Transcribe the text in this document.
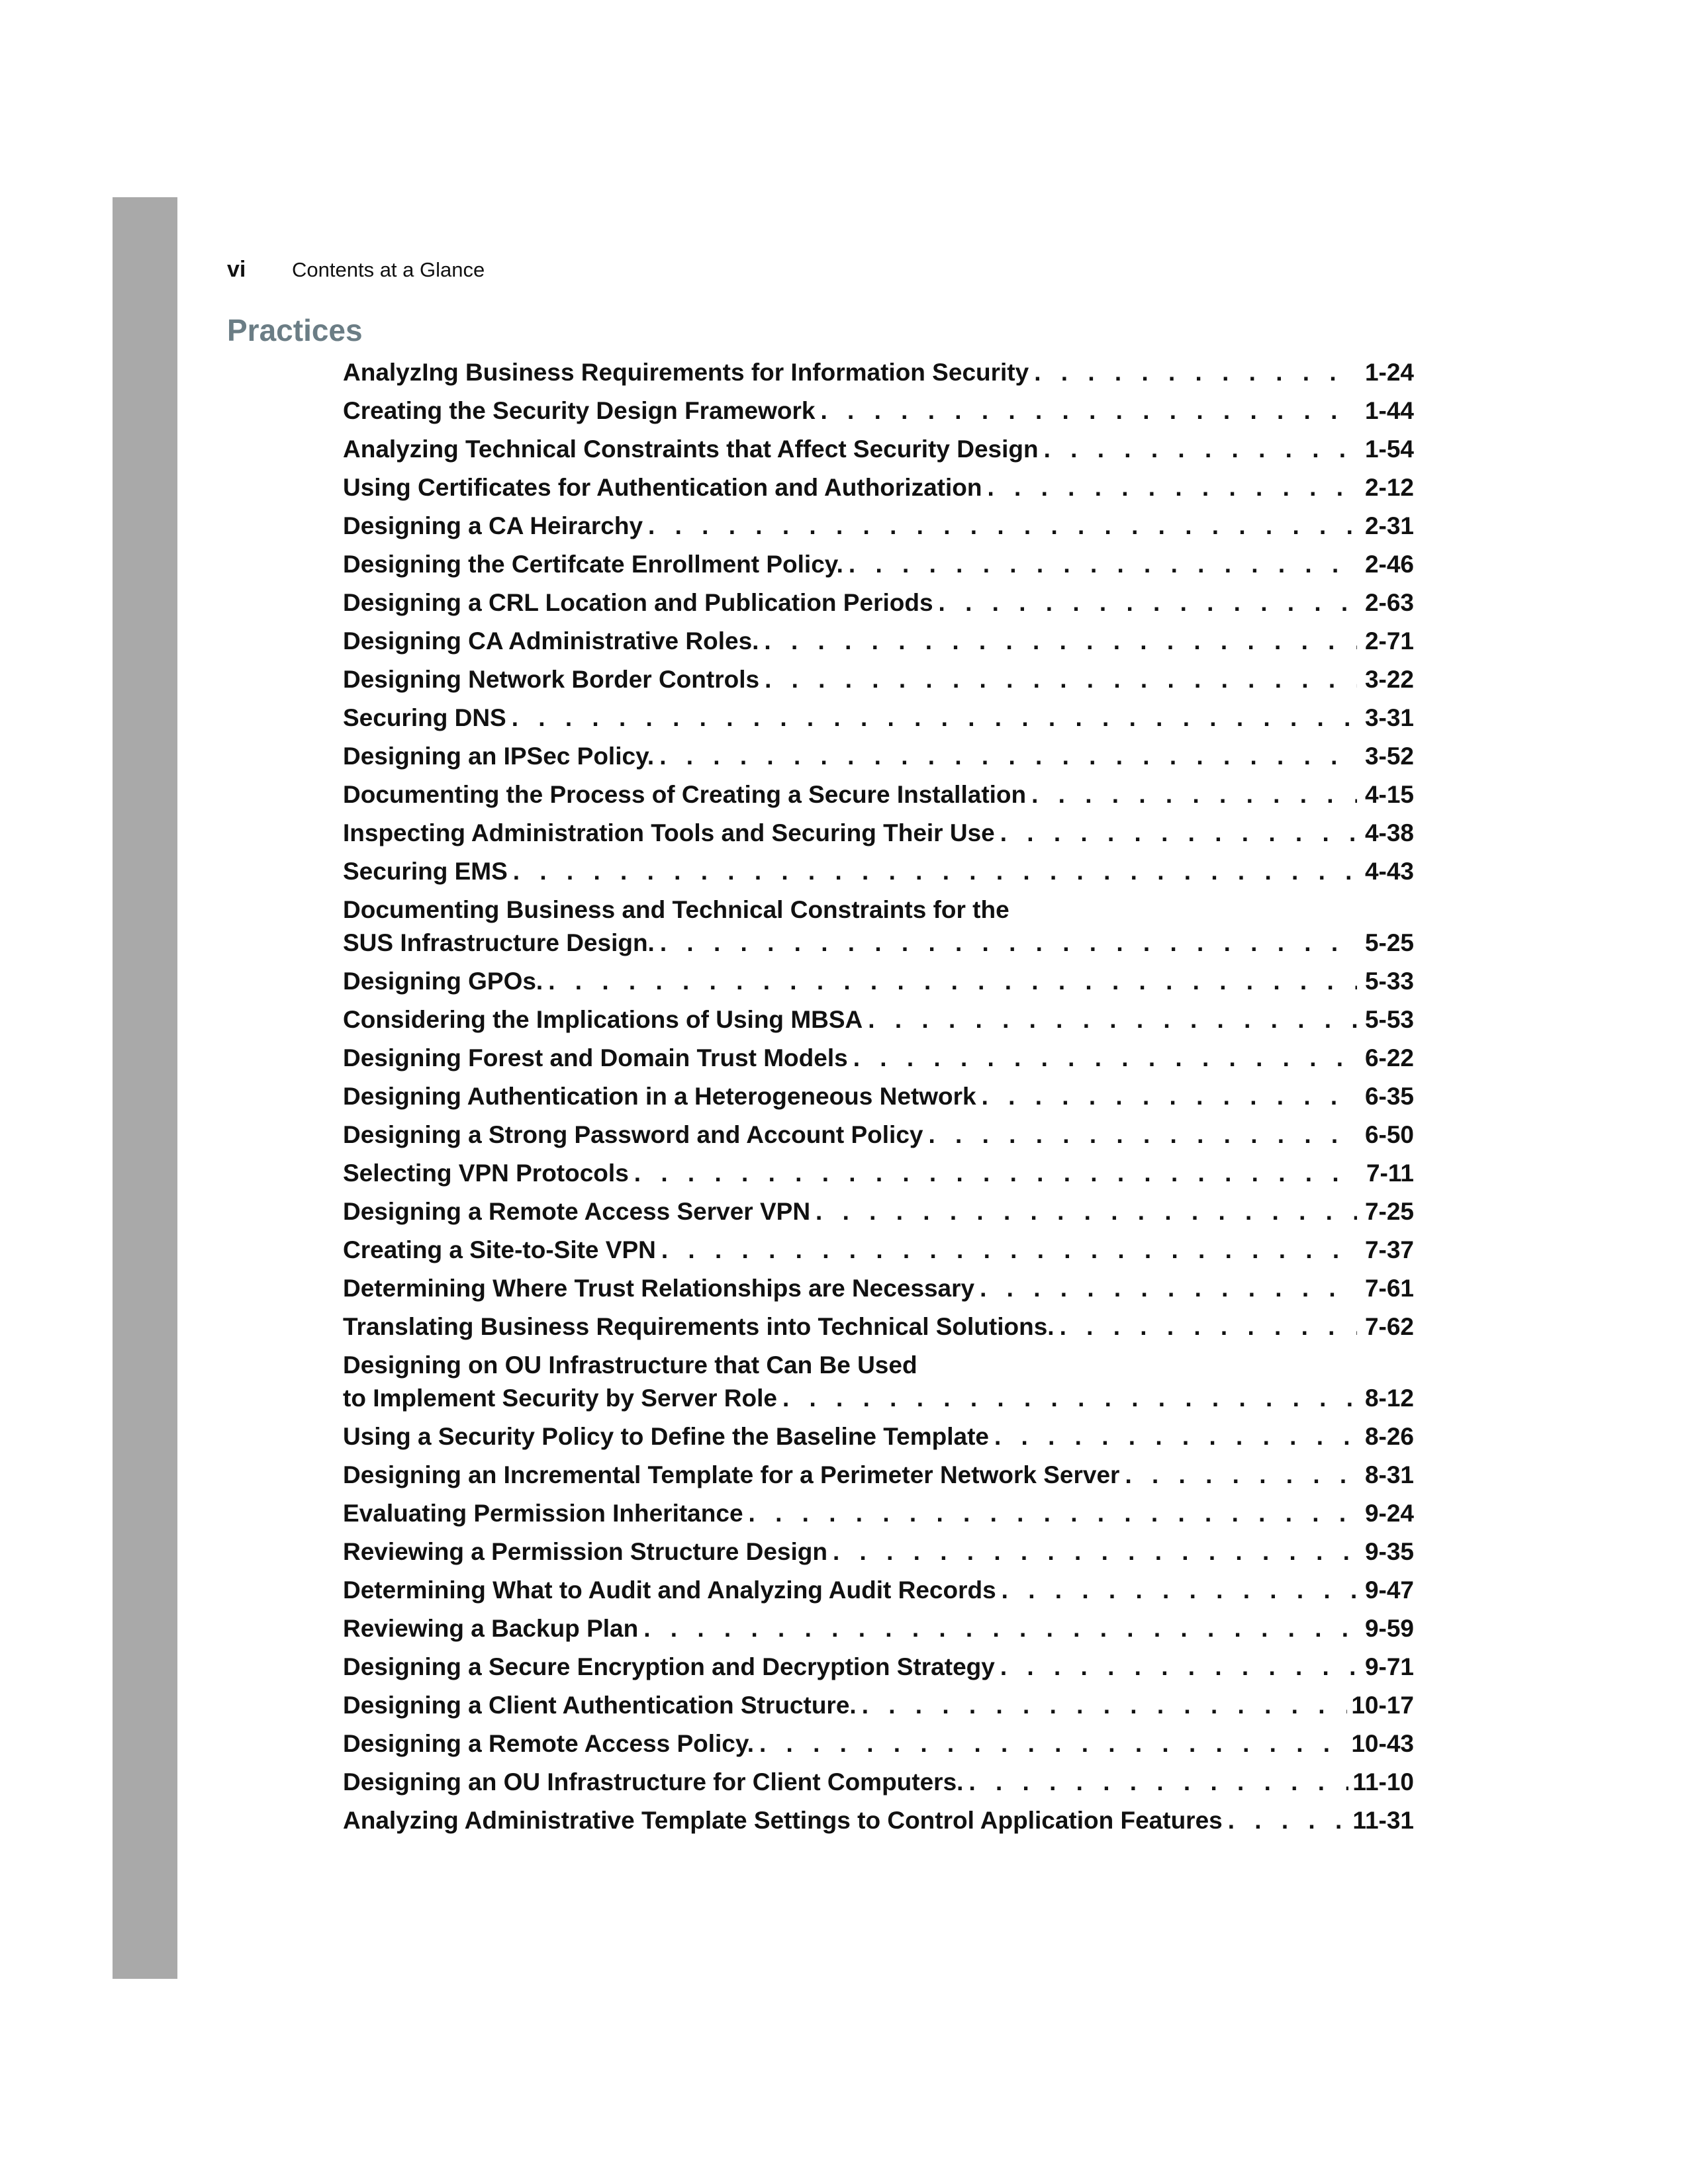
vi	Contents at a Glance
Practices
AnalyzIng Business Requirements for Information Security . . .	1-24
Creating the Security Design Framework . . .	1-44
Analyzing Technical Constraints that Affect Security Design . . .	1-54
Using Certificates for Authentication and Authorization . . .	2-12
Designing a CA Heirarchy . . .	2-31
Designing the Certifcate Enrollment Policy. . . .	2-46
Designing a CRL Location and Publication Periods . . .	2-63
Designing CA Administrative Roles. . . .	2-71
Designing Network Border Controls . . .	3-22
Securing DNS . . .	3-31
Designing an IPSec Policy. . . .	3-52
Documenting the Process of Creating a Secure Installation . . .	4-15
Inspecting Administration Tools and Securing Their Use . . .	4-38
Securing EMS . . .	4-43
Documenting Business and Technical Constraints for the
SUS Infrastructure Design. . . .	5-25
Designing GPOs. . . .	5-33
Considering the Implications of Using MBSA . . .	5-53
Designing Forest and Domain Trust Models . . .	6-22
Designing Authentication in a Heterogeneous Network . . .	6-35
Designing a Strong Password and Account Policy . . .	6-50
Selecting VPN Protocols . . .	7-11
Designing a Remote Access Server VPN . . .	7-25
Creating a Site-to-Site VPN . . .	7-37
Determining Where Trust Relationships are Necessary . . .	7-61
Translating Business Requirements into Technical Solutions. . . .	7-62
Designing on OU Infrastructure that Can Be Used
to Implement Security by Server Role . . .	8-12
Using a Security Policy to Define the Baseline Template . . .	8-26
Designing an Incremental Template for a Perimeter Network Server . . .	8-31
Evaluating Permission Inheritance . . .	9-24
Reviewing a Permission Structure Design . . .	9-35
Determining What to Audit and Analyzing Audit Records . . .	9-47
Reviewing a Backup Plan . . .	9-59
Designing a Secure Encryption and Decryption Strategy . . .	9-71
Designing a Client Authentication Structure. . . .	10-17
Designing a Remote Access Policy. . . .	10-43
Designing an OU Infrastructure for Client Computers. . . .	11-10
Analyzing Administrative Template Settings to Control Application Features . . .	11-31
